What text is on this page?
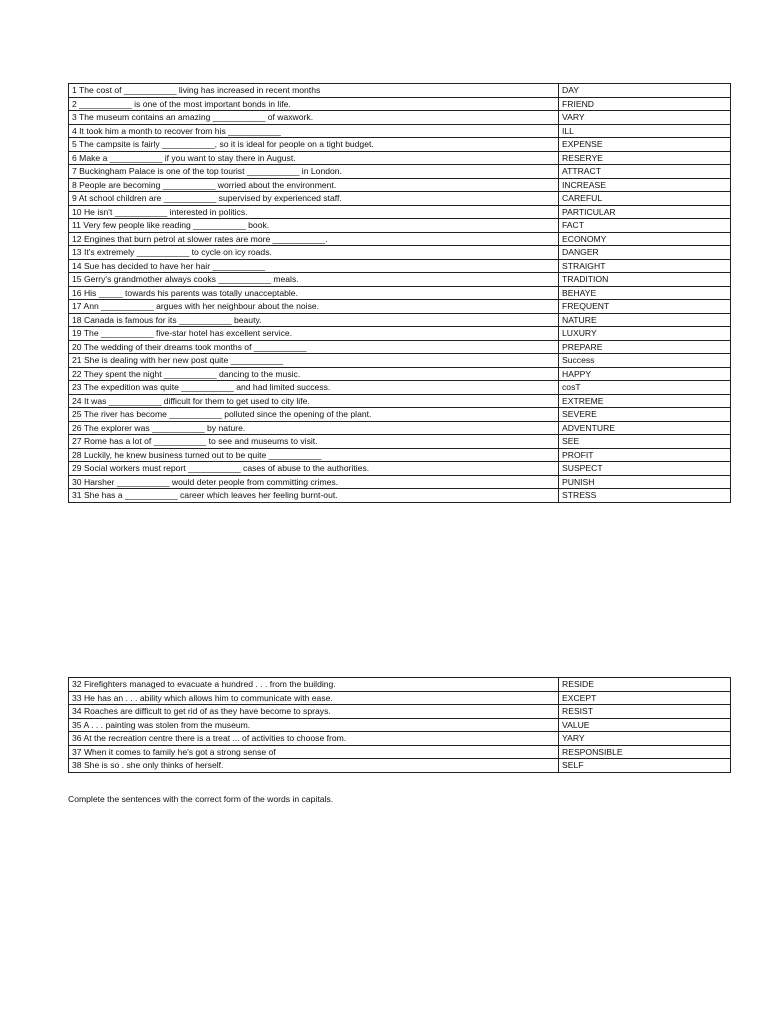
1 The cost of ___________ living has increased in recent months	DAY
2 ___________ is one of the most important bonds in life.	FRIEND
3 The museum contains an amazing ___________ of waxwork.	VARY
4 It took him a month to recover from his ___________	ILL
5 The campsite is fairly ___________, so it is ideal for people on a tight budget.	EXPENSE
6 Make a ___________ if you want to stay there in August.	RESERYE
7 Buckingham Palace is one of the top tourist ___________ in London.	ATTRACT
8 People are becoming ___________ worried about the environment.	INCREASE
9 At school children are ___________ supervised by experienced staff.	CAREFUL
10 He isn't ___________ interested in politics.	PARTICULAR
11 Very few people like reading ___________ book.	FACT
12 Engines that burn petrol at slower rates are more ___________.	ECONOMY
13 It's extremely ___________ to cycle on icy roads.	DANGER
14 Sue has decided to have her hair ___________	STRAIGHT
15 Gerry's grandmother always cooks ___________ meals.	TRADITION
16 His _____ towards his parents was totally unacceptable.	BEHAYE
17 Ann ___________ argues with her neighbour about the noise.	FREQUENT
18 Canada is famous for its ___________ beauty.	NATURE
19 The ___________ five-star hotel has excellent service.	LUXURY
20 The wedding of their dreams took months of ___________	PREPARE
21 She is dealing with her new post quite ___________	Success
22 They spent the night ___________ dancing to the music.	HAPPY
23 The expedition was quite ___________ and had limited success.	cosT
24 It was ___________ difficult for them to get used to city life.	EXTREME
25 The river has become ___________ polluted since the opening of the plant.	SEVERE
26 The explorer was ___________ by nature.	ADVENTURE
27 Rome has a lot of ___________ to see and museums to visit.	SEE
28 Luckily, he knew business turned out to be quite ___________	PROFIT
29 Social workers must report ___________ cases of abuse to the authorities.	SUSPECT
30 Harsher ___________ would deter people from committing crimes.	PUNISH
31 She has a ___________ career which leaves her feeling burnt-out.	STRESS
32 Firefighters managed to evacuate a hundred . . . from the building.	RESIDE
33 He has an . . . ability which allows him to communicate with ease.	EXCEPT
34 Roaches are difficult to get rid of as they have become to sprays.	RESIST
35 A . . . painting was stolen from the museum.	VALUE
36 At the recreation centre there is a treat ... of activities to choose from.	YARY
37 When it comes to family he's got a strong sense of	RESPONSIBLE
38 She is so . she only thinks of herself.	SELF
Complete the sentences with the correct form of the words in capitals.
